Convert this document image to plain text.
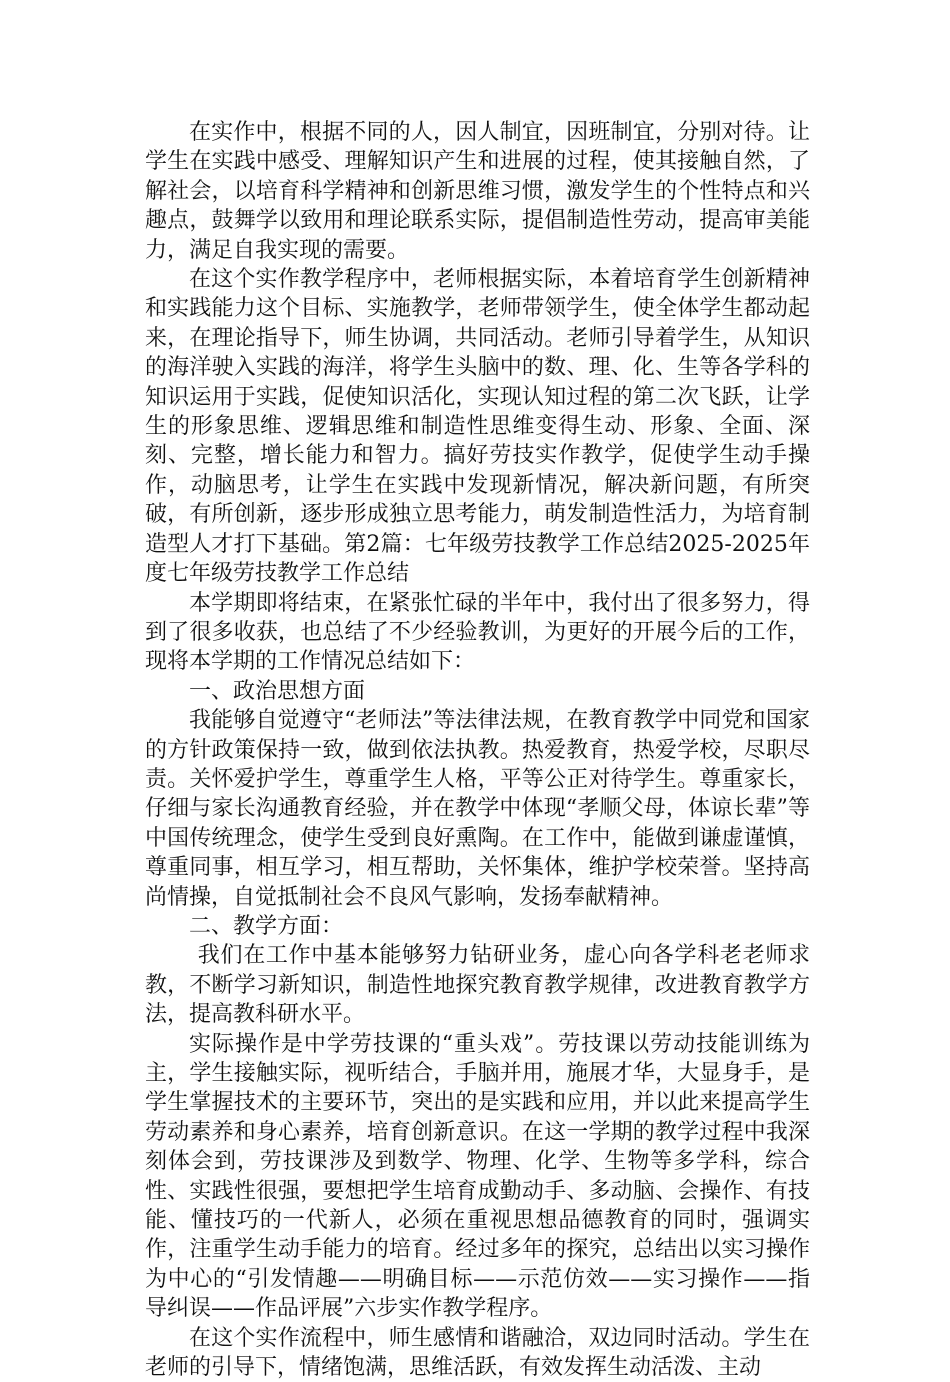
在实作中，根据不同的人，因人制宜，因班制宜，分别对待。让学生在实践中感受、理解知识产生和进展的过程，使其接触自然，了解社会，以培育科学精神和创新思维习惯，激发学生的个性特点和兴趣点，鼓舞学以致用和理论联系实际，提倡制造性劳动，提高审美能力，满足自我实现的需要。

在这个实作教学程序中，老师根据实际，本着培育学生创新精神和实践能力这个目标、实施教学，老师带领学生，使全体学生都动起来，在理论指导下，师生协调，共同活动。老师引导着学生，从知识的海洋驶入实践的海洋，将学生头脑中的数、理、化、生等各学科的知识运用于实践，促使知识活化，实现认知过程的第二次飞跃，让学生的形象思维、逻辑思维和制造性思维变得生动、形象、全面、深刻、完整，增长能力和智力。搞好劳技实作教学，促使学生动手操作，动脑思考，让学生在实践中发现新情况，解决新问题，有所突破，有所创新，逐步形成独立思考能力，萌发制造性活力，为培育制造型人才打下基础。第2篇：七年级劳技教学工作总结2025-2025年度七年级劳技教学工作总结

本学期即将结束，在紧张忙碌的半年中，我付出了很多努力，得到了很多收获，也总结了不少经验教训，为更好的开展今后的工作，现将本学期的工作情况总结如下：

一、政治思想方面

我能够自觉遵守“老师法”等法律法规，在教育教学中同党和国家的方针政策保持一致，做到依法执教。热爱教育，热爱学校，尽职尽责。关怀爱护学生，尊重学生人格，平等公正对待学生。尊重家长，仔细与家长沟通教育经验，并在教学中体现“孝顺父母，体谅长辈”等中国传统理念，使学生受到良好熏陶。在工作中，能做到谦虚谨慎，尊重同事，相互学习，相互帮助，关怀集体，维护学校荣誉。坚持高尚情操，自觉抵制社会不良风气影响，发扬奉献精神。

二、教学方面：

我们在工作中基本能够努力钻研业务，虚心向各学科老老师求教，不断学习新知识，制造性地探究教育教学规律，改进教育教学方法，提高教科研水平。

实际操作是中学劳技课的“重头戏”。劳技课以劳动技能训练为主，学生接触实际，视听结合，手脑并用，施展才华，大显身手，是学生掌握技术的主要环节，突出的是实践和应用，并以此来提高学生劳动素养和身心素养，培育创新意识。在这一学期的教学过程中我深刻体会到，劳技课涉及到数学、物理、化学、生物等多学科，综合性、实践性很强，要想把学生培育成勤动手、多动脑、会操作、有技能、懂技巧的一代新人，必须在重视思想品德教育的同时，强调实作，注重学生动手能力的培育。经过多年的探究，总结出以实习操作为中心的“引发情趣——明确目标——示范仿效——实习操作——指导纠误——作品评展”六步实作教学程序。

在这个实作流程中，师生感情和谐融洽，双边同时活动。学生在老师的引导下，情绪饱满，思维活跃，有效发挥生动活泼、主动
